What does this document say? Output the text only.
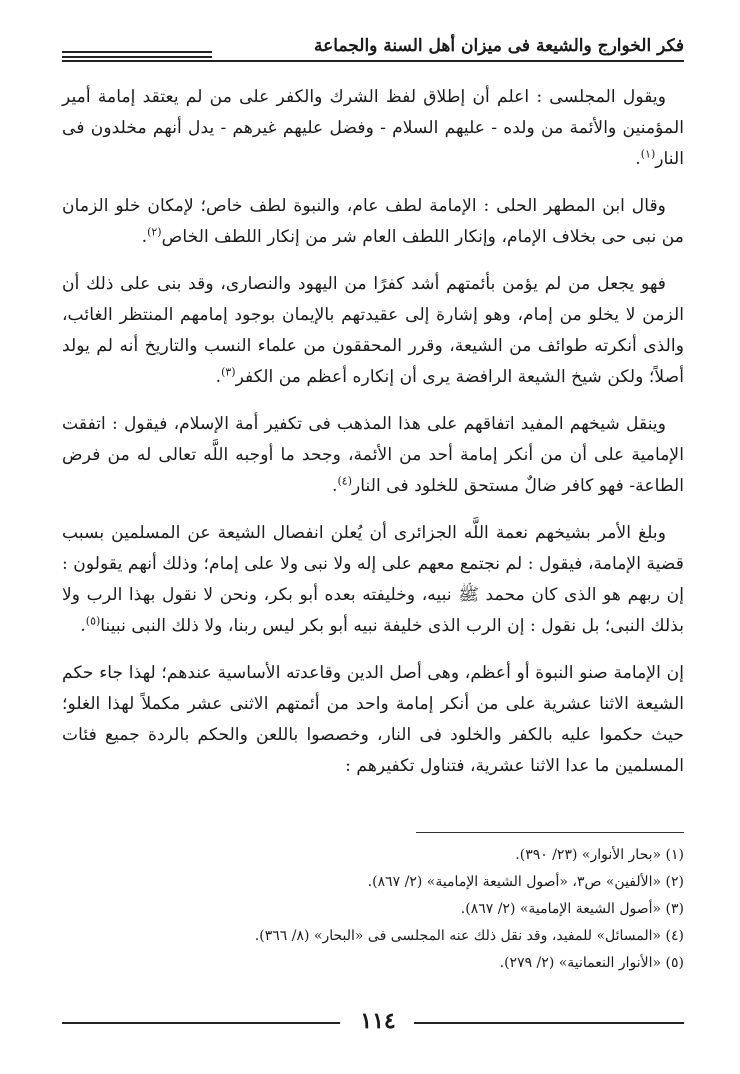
فكر الخوارج والشيعة فى ميزان أهل السنة والجماعة

ويقول المجلسى : اعلم أن إطلاق لفظ الشرك والكفر على من لم يعتقد إمامة أمير المؤمنين والأئمة من ولده - عليهم السلام - وفضل عليهم غيرهم - يدل أنهم مخلدون فى النار$^{(١)}$.

وقال ابن المطهر الحلى : الإمامة لطف عام، والنبوة لطف خاص؛ لإمكان خلو الزمان من نبى حى بخلاف الإمام، وإنكار اللطف العام شر من إنكار اللطف الخاص$^{(٢)}$.

فهو يجعل من لم يؤمن بأئمتهم أشد كفرًا من اليهود والنصارى، وقد بنى على ذلك أن الزمن لا يخلو من إمام، وهو إشارة إلى عقيدتهم بالإيمان بوجود إمامهم المنتظر الغائب، والذى أنكرته طوائف من الشيعة، وقرر المحققون من علماء النسب والتاريخ أنه لم يولد أصلاً؛ ولكن شيخ الشيعة الرافضة يرى أن إنكاره أعظم من الكفر$^{(٣)}$.

وينقل شيخهم المفيد اتفاقهم على هذا المذهب فى تكفير أمة الإسلام، فيقول : اتفقت الإمامية على أن من أنكر إمامة أحد من الأئمة، وجحد ما أوجبه اللَّه تعالى له من فرض الطاعة- فهو كافر ضالٌ مستحق للخلود فى النار$^{(٤)}$.

وبلغ الأمر بشيخهم نعمة اللَّه الجزائرى أن يُعلن انفصال الشيعة عن المسلمين بسبب قضية الإمامة، فيقول : لم نجتمع معهم على إله ولا نبى ولا على إمام؛ وذلك أنهم يقولون : إن ربهم هو الذى كان محمد ﷺ نبيه، وخليفته بعده أبو بكر، ونحن لا نقول بهذا الرب ولا بذلك النبى؛ بل نقول : إن الرب الذى خليفة نبيه أبو بكر ليس ربنا، ولا ذلك النبى نبينا$^{(٥)}$.

إن الإمامة صنو النبوة أو أعظم، وهى أصل الدين وقاعدته الأساسية عندهم؛ لهذا جاء حكم الشيعة الاثنا عشرية على من أنكر إمامة واحد من أئمتهم الاثنى عشر مكملاً لهذا الغلو؛ حيث حكموا عليه بالكفر والخلود فى النار، وخصصوا باللعن والحكم بالردة جميع فئات المسلمين ما عدا الاثنا عشرية، فتناول تكفيرهم :

(١) «بحار الأنوار» (٢٣/ ٣٩٠).

(٢) «الألفين» ص٣، «أصول الشيعة الإمامية» (٢/ ٨٦٧).

(٣) «أصول الشيعة الإمامية» (٢/ ٨٦٧).

(٤) «المسائل» للمفيد، وقد نقل ذلك عنه المجلسى فى «البحار» (٨/ ٣٦٦).

(٥) «الأنوار النعمانية» (٢/ ٢٧٩).

١١٤
